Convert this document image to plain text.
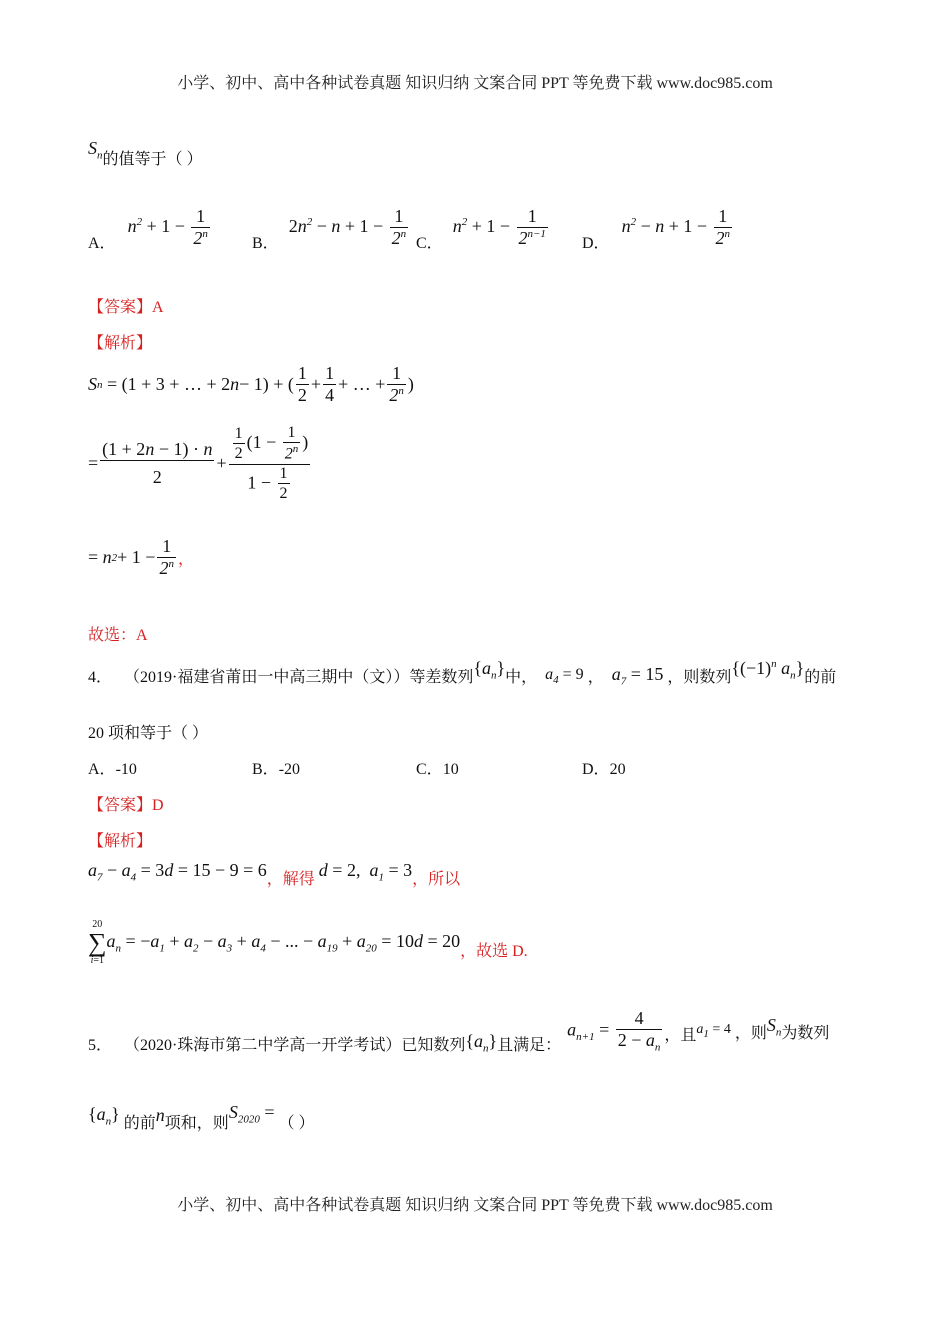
小学、初中、高中各种试卷真题 知识归纳 文案合同 PPT 等免费下载 www.doc985.com
$S_n$ 的值等于（ ）
A．
$n^2 + 1 - \frac{1}{2^n}$	B．
$2n^2 - n + 1 - \frac{1}{2^n}$ C．
$n^2 + 1 - \frac{1}{2^{n-1}}$ D．
$n^2 - n + 1 - \frac{1}{2^n}$
【答案】A
【解析】
S n = (1 + 3 + … + 2 n − 1) + ( $\frac{1}{2} + \frac{1}{4}$ + … + $\frac{1}{2^n}$ )
= $\frac{(1 + 2n - 1) \cdot n}{2} + \frac{\frac{1}{2} (1 - \frac{1}{2^n} )}{1 - \frac{1}{2}}$
= n $2 + 1 - \frac{1}{2^n}$ ，
故选：A
4． （2019·福建省莆田一中高三期中（文））等差数列 $\{a_n\}$ 中， $a_4 = 9$ ， $a_7 = 15$ ，则数列 {$(-1)^n$ $a_n$} 的前
20 项和等于（ ）
A．-10	B．-20	C．10	D．20
【答案】D
【解析】
$a_7 - a_4 = 3d = 15 - 9 = 6$ ，解得 d = 2,  $a_1 = 3$ ，所以
20
∑
i=1
$a_n = -a_1 + a_2 - a_3 + a_4$ − ... − $a_{19} + a_{20} = 10d = 20$ ，故选 D.
5． （2020·珠海市第二中学高一开学考试）已知数列 $\{a_n\}$ 且满足：
$a_{n+1} = \frac{4}{2 - a_n}$ ，且 $a_1 = 4$ ，则 $S_n$ 为数列
$\{a_n\}$ 的前 n 项和，则
$S_{2020}$ =
（ ）
小学、初中、高中各种试卷真题 知识归纳 文案合同 PPT 等免费下载 www.doc985.com
